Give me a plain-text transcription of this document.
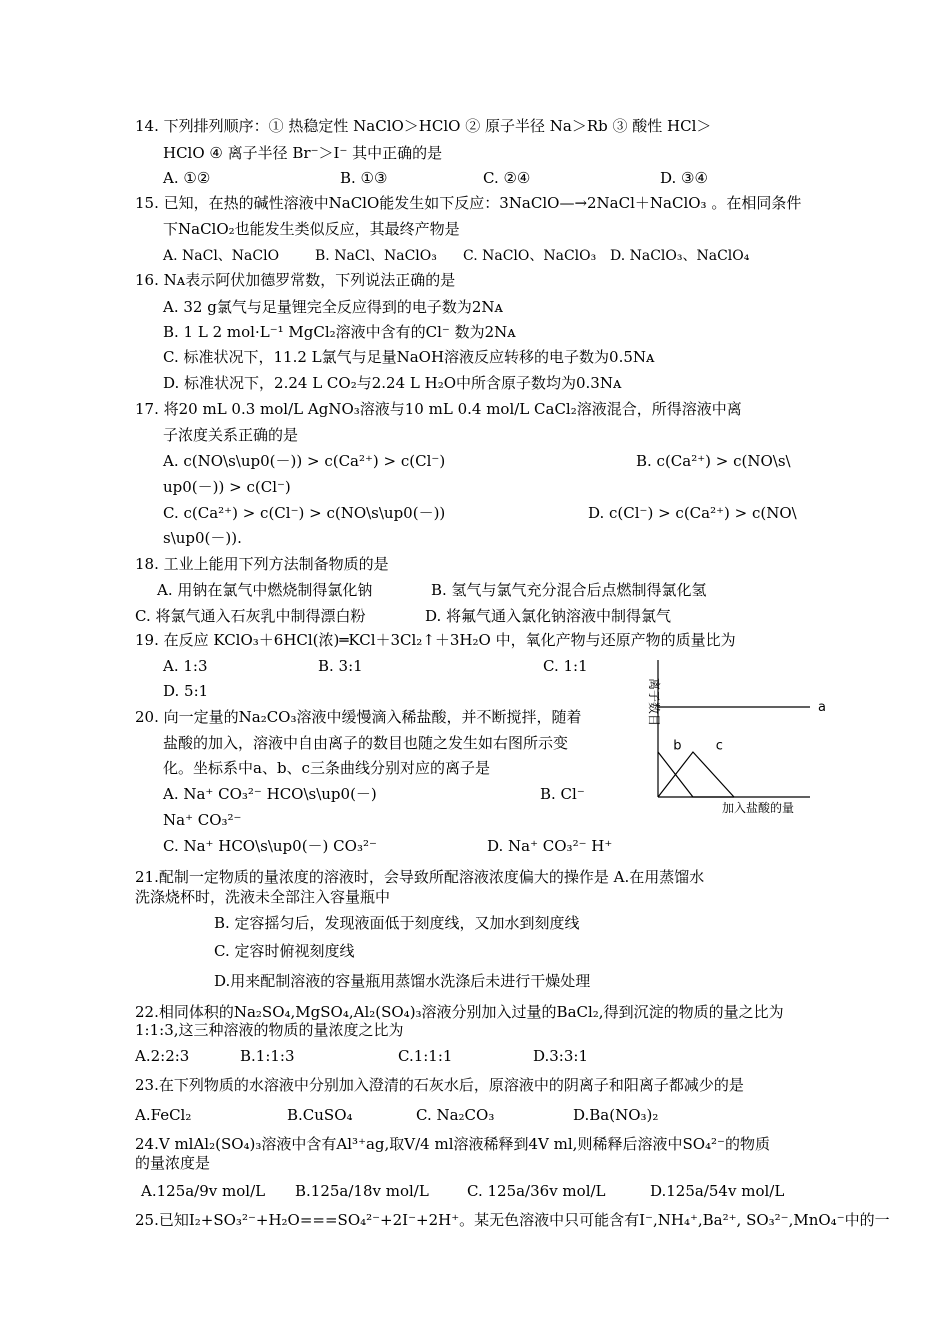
14. 下列排列顺序：① 热稳定性 NaClO＞HClO ② 原子半径 Na＞Rb ③ 酸性 HCl＞
HClO ④ 离子半径 Br⁻＞I⁻ 其中正确的是
A. ①②	B. ①③	C. ②④	D. ③④
15. 已知，在热的碱性溶液中NaClO能发生如下反应：3NaClO—→2NaCl＋NaClO₃ 。在相同条件
下NaClO₂也能发生类似反应，其最终产物是
A. NaCl、NaClO	B. NaCl、NaClO₃ C. NaClO、NaClO₃ D. NaClO₃、NaClO₄
16. Nᴀ表示阿伏加德罗常数，下列说法正确的是
A. 32 g氯气与足量锂完全反应得到的电子数为2Nᴀ
B. 1 L 2 mol·L⁻¹ MgCl₂溶液中含有的Cl⁻ 数为2Nᴀ
C. 标准状况下，11.2 L氯气与足量NaOH溶液反应转移的电子数为0.5Nᴀ
D. 标准状况下，2.24 L CO₂与2.24 L H₂O中所含原子数均为0.3Nᴀ
17. 将20 mL 0.3 mol/L AgNO₃溶液与10 mL 0.4 mol/L CaCl₂溶液混合，所得溶液中离
子浓度关系正确的是
A. c(NO\s\up0(－)) > c(Ca²⁺) > c(Cl⁻)	B. c(Ca²⁺) > c(NO\s\
up0(－)) > c(Cl⁻)
C. c(Ca²⁺) > c(Cl⁻) > c(NO\s\up0(－))	D. c(Cl⁻) > c(Ca²⁺) > c(NO\
s\up0(－)).
18. 工业上能用下列方法制备物质的是
A. 用钠在氯气中燃烧制得氯化钠	B. 氢气与氯气充分混合后点燃制得氯化氢
C. 将氯气通入石灰乳中制得漂白粉	D. 将氟气通入氯化钠溶液中制得氯气
19. 在反应 KClO₃＋6HCl(浓)═KCl＋3Cl₂↑＋3H₂O 中，氧化产物与还原产物的质量比为
A. 1:3	B. 3:1	C. 1:1
D. 5:1
20. 向一定量的Na₂CO₃溶液中缓慢滴入稀盐酸，并不断搅拌，随着
盐酸的加入，溶液中自由离子的数目也随之发生如右图所示变
化。坐标系中a、b、c三条曲线分别对应的离子是
A. Na⁺ CO₃²⁻ HCO\s\up0(－)	B. Cl⁻
Na⁺ CO₃²⁻
C. Na⁺ HCO\s\up0(－) CO₃²⁻	D. Na⁺ CO₃²⁻ H⁺
离子数目	a
b	c
加入盐酸的量
21.配制一定物质的量浓度的溶液时，会导致所配溶液浓度偏大的操作是 A.在用蒸馏水
洗涤烧杯时，洗液未全部注入容量瓶中
B. 定容摇匀后，发现液面低于刻度线，又加水到刻度线
C. 定容时俯视刻度线
D.用来配制溶液的容量瓶用蒸馏水洗涤后未进行干燥处理
22.相同体积的Na₂SO₄,MgSO₄,Al₂(SO₄)₃溶液分别加入过量的BaCl₂,得到沉淀的物质的量之比为
1:1:3,这三种溶液的物质的量浓度之比为
A.2:2:3	B.1:1:3	C.1:1:1	D.3:3:1
23.在下列物质的水溶液中分别加入澄清的石灰水后，原溶液中的阴离子和阳离子都减少的是
A.FeCl₂	B.CuSO₄	C. Na₂CO₃	D.Ba(NO₃)₂
24.V mlAl₂(SO₄)₃溶液中含有Al³⁺ag,取V/4 ml溶液稀释到4V ml,则稀释后溶液中SO₄²⁻的物质
的量浓度是
A.125a/9v mol/L B.125a/18v mol/L	C. 125a/36v mol/L	D.125a/54v mol/L
25.已知I₂+SO₃²⁻+H₂O===SO₄²⁻+2I⁻+2H⁺。某无色溶液中只可能含有I⁻,NH₄⁺,Ba²⁺, SO₃²⁻,MnO₄⁻中的一
